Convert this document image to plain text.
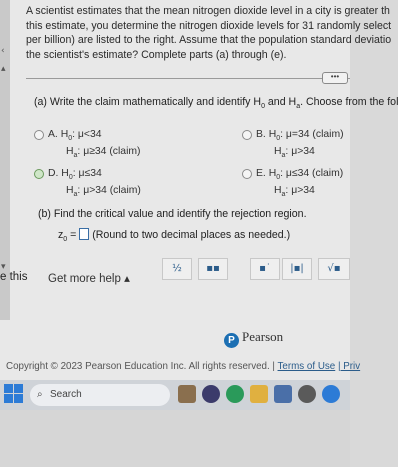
‹
▴
▾
A scientist estimates that the mean nitrogen dioxide level in a city is greater th
this estimate, you determine the nitrogen dioxide levels for 31 randomly select
per billion) are listed to the right. Assume that the population standard deviatio
the scientist's estimate? Complete parts (a) through (e).
•••
(a) Write the claim mathematically and identify $H_0$ and $H_a$. Choose from the fol
A. $H_0$: μ<34
$H_a$: μ≥34 (claim)
B. $H_0$: μ=34 (claim)
$H_a$: μ>34
D. $H_0$: μ≤34
$H_a$: μ>34 (claim)
E. $H_0$: μ≤34 (claim)
$H_a$: μ>34
(b) Find the critical value and identify the rejection region.
$z_0$ = (Round to two decimal places as needed.)
½	▪▪	▪˙	|▪|	√▪
e this Get more help ▴
P Pearson
Copyright © 2023 Pearson Education Inc. All rights reserved. | Terms of Use | Priv
⌕ Search
